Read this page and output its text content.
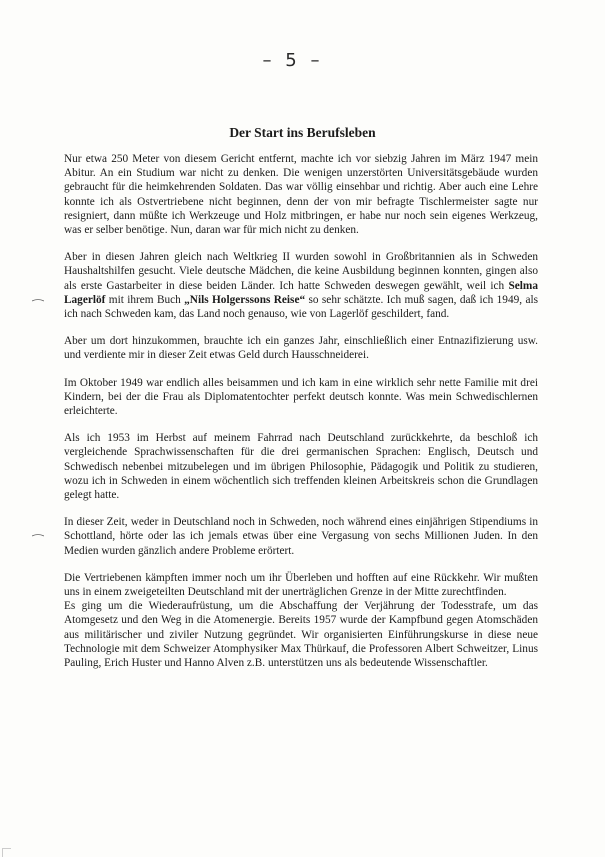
– 5 –
Der Start ins Berufsleben

Nur etwa 250 Meter von diesem Gericht entfernt, machte ich vor siebzig Jahren im März 1947 mein Abitur. An ein Studium war nicht zu denken. Die wenigen unzerstörten Universitätsgebäude wurden gebraucht für die heimkehrenden Soldaten. Das war völlig einsehbar und richtig. Aber auch eine Lehre konnte ich als Ostvertriebene nicht beginnen, denn der von mir befragte Tischlermeister sagte nur resigniert, dann müßte ich Werkzeuge und Holz mitbringen, er habe nur noch sein eigenes Werkzeug, was er selber benötige. Nun, daran war für mich nicht zu denken.

Aber in diesen Jahren gleich nach Weltkrieg II wurden sowohl in Großbritannien als in Schweden Haushaltshilfen gesucht. Viele deutsche Mädchen, die keine Ausbildung beginnen konnten, gingen also als erste Gastarbeiter in diese beiden Länder. Ich hatte Schweden deswegen gewählt, weil ich Selma Lagerlöf mit ihrem Buch „Nils Holgerssons Reise“ so sehr schätzte. Ich muß sagen, daß ich 1949, als ich nach Schweden kam, das Land noch genauso, wie von Lagerlöf geschildert, fand.

Aber um dort hinzukommen, brauchte ich ein ganzes Jahr, einschließlich einer Entnazifizierung usw. und verdiente mir in dieser Zeit etwas Geld durch Hausschneiderei.

Im Oktober 1949 war endlich alles beisammen und ich kam in eine wirklich sehr nette Familie mit drei Kindern, bei der die Frau als Diplomatentochter perfekt deutsch konnte. Was mein Schwedischlernen erleichterte.

Als ich 1953 im Herbst auf meinem Fahrrad nach Deutschland zurückkehrte, da beschloß ich vergleichende Sprachwissenschaften für die drei germanischen Sprachen: Englisch, Deutsch und Schwedisch nebenbei mitzubelegen und im übrigen Philosophie, Pädagogik und Politik zu studieren, wozu ich in Schweden in einem wöchentlich sich treffenden kleinen Arbeitskreis schon die Grundlagen gelegt hatte.

In dieser Zeit, weder in Deutschland noch in Schweden, noch während eines einjährigen Stipendiums in Schottland, hörte oder las ich jemals etwas über eine Vergasung von sechs Millionen Juden. In den Medien wurden gänzlich andere Probleme erörtert.

Die Vertriebenen kämpften immer noch um ihr Überleben und hofften auf eine Rückkehr. Wir mußten uns in einem zweigeteilten Deutschland mit der unerträglichen Grenze in der Mitte zurechtfinden.

Es ging um die Wiederaufrüstung, um die Abschaffung der Verjährung der Todesstrafe, um das Atomgesetz und den Weg in die Atomenergie. Bereits 1957 wurde der Kampfbund gegen Atomschäden aus militärischer und ziviler Nutzung gegründet. Wir organisierten Einführungskurse in diese neue Technologie mit dem Schweizer Atomphysiker Max Thürkauf, die Professoren Albert Schweitzer, Linus Pauling, Erich Huster und Hanno Alven z.B. unterstützen uns als bedeutende Wissenschaftler.
